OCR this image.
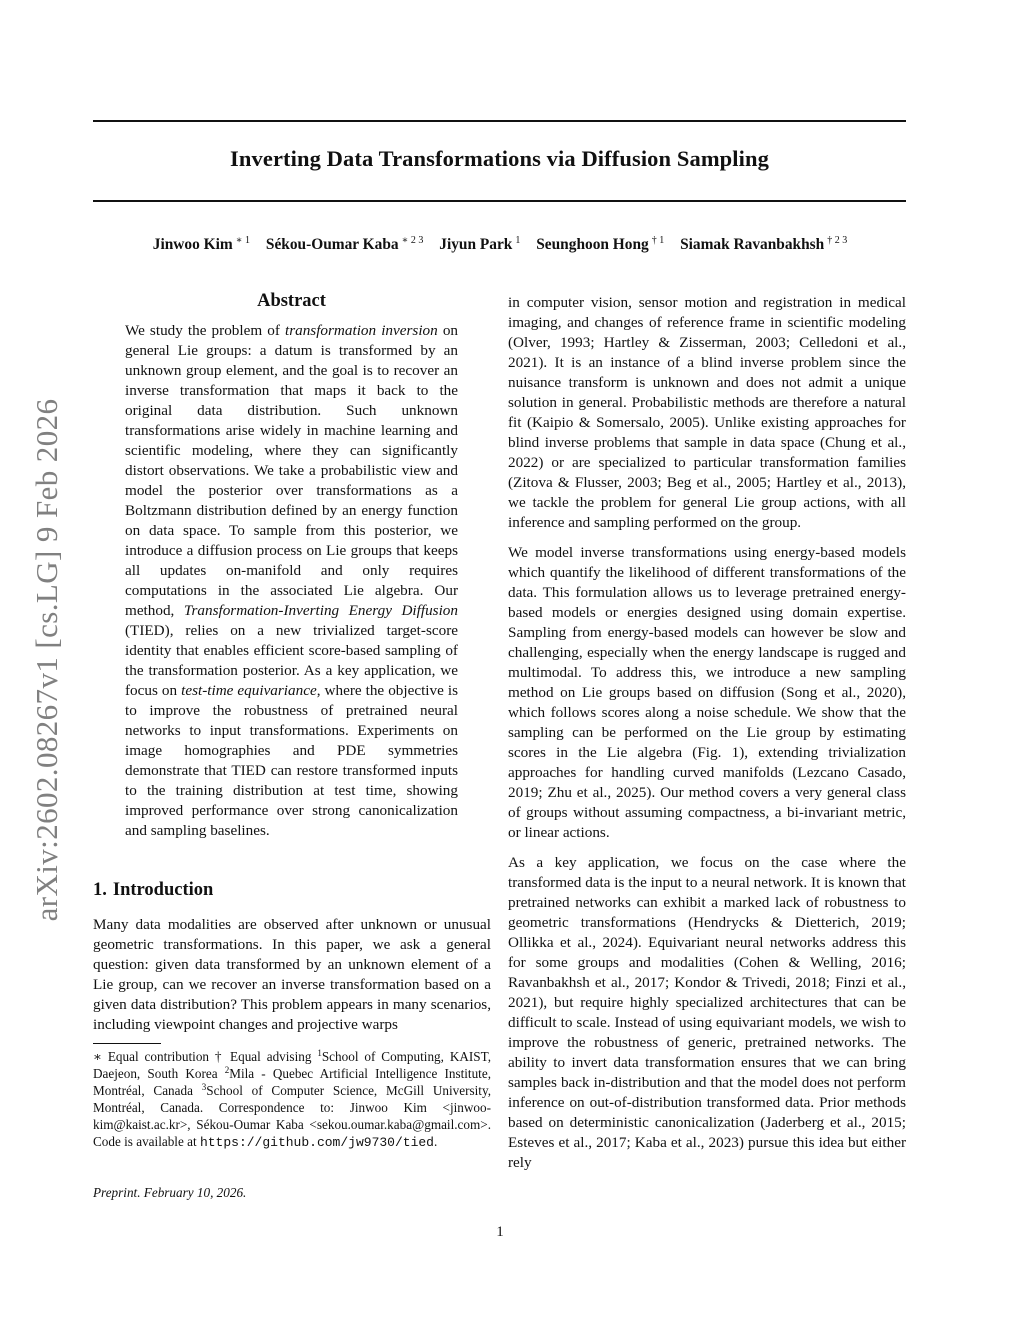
Inverting Data Transformations via Diffusion Sampling
Jinwoo Kim $^{∗ 1}$ Sékou-Oumar Kaba $^{∗ 2 3}$ Jiyun Park $^1$ Seunghoon Hong $^{\dagger 1}$ Siamak Ravanbakhsh $^{\dagger 2 3}$
arXiv:2602.08267v1 [cs.LG] 9 Feb 2026
Abstract
We study the problem of transformation inversion on general Lie groups: a datum is transformed by an unknown group element, and the goal is to recover an inverse transformation that maps it back to the original data distribution. Such unknown transformations arise widely in machine learning and scientific modeling, where they can significantly distort observations. We take a probabilistic view and model the posterior over transformations as a Boltzmann distribution defined by an energy function on data space. To sample from this posterior, we introduce a diffusion process on Lie groups that keeps all updates on-manifold and only requires computations in the associated Lie algebra. Our method, Transformation-Inverting Energy Diffusion (TIED), relies on a new trivialized target-score identity that enables efficient score-based sampling of the transformation posterior. As a key application, we focus on test-time equivariance, where the objective is to improve the robustness of pretrained neural networks to input transformations. Experiments on image homographies and PDE symmetries demonstrate that TIED can restore transformed inputs to the training distribution at test time, showing improved performance over strong canonicalization and sampling baselines.
1. Introduction

Many data modalities are observed after unknown or unusual geometric transformations. In this paper, we ask a general question: given data transformed by an unknown element of a Lie group, can we recover an inverse transformation based on a given data distribution? This problem appears in many scenarios, including viewpoint changes and projective warps

in computer vision, sensor motion and registration in medical imaging, and changes of reference frame in scientific modeling (Olver, 1993; Hartley & Zisserman, 2003; Celledoni et al., 2021). It is an instance of a blind inverse problem since the nuisance transform is unknown and does not admit a unique solution in general. Probabilistic methods are therefore a natural fit (Kaipio & Somersalo, 2005). Unlike existing approaches for blind inverse problems that sample in data space (Chung et al., 2022) or are specialized to particular transformation families (Zitova & Flusser, 2003; Beg et al., 2005; Hartley et al., 2013), we tackle the problem for general Lie group actions, with all inference and sampling performed on the group.

We model inverse transformations using energy-based models which quantify the likelihood of different transformations of the data. This formulation allows us to leverage pretrained energy-based models or energies designed using domain expertise. Sampling from energy-based models can however be slow and challenging, especially when the energy landscape is rugged and multimodal. To address this, we introduce a new sampling method on Lie groups based on diffusion (Song et al., 2020), which follows scores along a noise schedule. We show that the sampling can be performed on the Lie group by estimating scores in the Lie algebra (Fig. 1), extending trivialization approaches for handling curved manifolds (Lezcano Casado, 2019; Zhu et al., 2025). Our method covers a very general class of groups without assuming compactness, a bi-invariant metric, or linear actions.

As a key application, we focus on the case where the transformed data is the input to a neural network. It is known that pretrained networks can exhibit a marked lack of robustness to geometric transformations (Hendrycks & Dietterich, 2019; Ollikka et al., 2024). Equivariant neural networks address this for some groups and modalities (Cohen & Welling, 2016; Ravanbakhsh et al., 2017; Kondor & Trivedi, 2018; Finzi et al., 2021), but require highly specialized architectures that can be difficult to scale. Instead of using equivariant models, we wish to improve the robustness of generic, pretrained networks. The ability to invert data transformation ensures that we can bring samples back in-distribution and that the model does not perform inference on out-of-distribution transformed data. Prior methods based on deterministic canonicalization (Jaderberg et al., 2015; Esteves et al., 2017; Kaba et al., 2023) pursue this idea but either rely

∗ Equal contribution † Equal advising $^1$School of Computing, KAIST, Daejeon, South Korea $^2$Mila - Quebec Artificial Intelligence Institute, Montréal, Canada $^3$School of Computer Science, McGill University, Montréal, Canada. Correspondence to: Jinwoo Kim <jinwoo-kim@kaist.ac.kr>, Sékou-Oumar Kaba <sekou.oumar.kaba@gmail.com>. Code is available at https://github.com/jw9730/tied.
Preprint. February 10, 2026.
1
